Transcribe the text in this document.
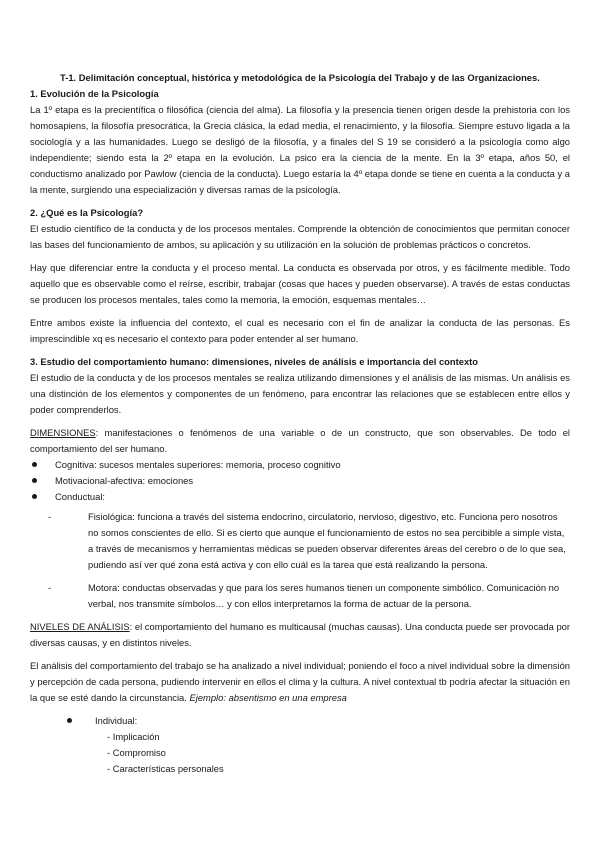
T-1. Delimitación conceptual, histórica y metodológica de la Psicología del Trabajo y de las Organizaciones.

1. Evolución de la Psicología

La 1º etapa es la precientífica o filosófica (ciencia del alma). La filosofía y la presencia tienen origen desde la prehistoria con los homosapiens, la filosofía presocrática, la Grecia clásica, la edad media, el renacimiento, y la filosofía. Siempre estuvo ligada a la sociología y a las humanidades. Luego se desligó de la filosofía, y a finales del S 19 se consideró a la psicología como algo independiente; siendo esta la 2º etapa en la evolución. La psico era la ciencia de la mente. En la 3º etapa, años 50, el conductismo analizado por Pawlow (ciencia de la conducta). Luego estaría la 4º etapa donde se tiene en cuenta a la conducta y a la mente, surgiendo una especialización y diversas ramas de la psicología.

2. ¿Qué es la Psicología?

El estudio científico de la conducta y de los procesos mentales. Comprende la obtención de conocimientos que permitan conocer las bases del funcionamiento de ambos, su aplicación y su utilización en la solución de problemas prácticos o concretos.

Hay que diferenciar entre la conducta y el proceso mental. La conducta es observada por otros, y es fácilmente medible. Todo aquello que es observable como el reírse, escribir, trabajar (cosas que haces y pueden observarse). A través de estas conductas se producen los procesos mentales, tales como la memoria, la emoción, esquemas mentales…

Entre ambos existe la influencia del contexto, el cual es necesario con el fin de analizar la conducta de las personas. Es imprescindible xq es necesario el contexto para poder entender al ser humano.

3. Estudio del comportamiento humano: dimensiones, niveles de análisis e importancia del contexto

El estudio de la conducta y de los procesos mentales se realiza utilizando dimensiones y el análisis de las mismas. Un análisis es una distinción de los elementos y componentes de un fenómeno, para encontrar las relaciones que se establecen entre ellos y poder comprenderlos.

DIMENSIONES: manifestaciones o fenómenos de una variable o de un constructo, que son observables. De todo el comportamiento del ser humano.

Cognitiva: sucesos mentales superiores: memoria, proceso cognitivo
Motivacional-afectiva: emociones
Conductual:
-	Fisiológica: funciona a través del sistema endocrino, circulatorio, nervioso, digestivo, etc. Funciona pero nosotros no somos conscientes de ello. Si es cierto que aunque el funcionamiento de estos no sea percibible a simple vista, a través de mecanismos y herramientas médicas se pueden observar diferentes áreas del cerebro o de lo que sea, pudiendo así ver qué zona está activa y con ello cuál es la tarea que está realizando la persona.
-	Motora: conductas observadas y que para los seres humanos tienen un componente simbólico. Comunicación no verbal, nos transmite símbolos… y con ellos interpretamos la forma de actuar de la persona.

NIVELES DE ANÁLISIS: el comportamiento del humano es multicausal (muchas causas). Una conducta puede ser provocada por diversas causas, y en distintos niveles.

El análisis del comportamiento del trabajo se ha analizado a nivel individual; poniendo el foco a nivel individual sobre la dimensión y percepción de cada persona, pudiendo intervenir en ellos el clima y la cultura. A nivel contextual tb podría afectar la situación en la que se esté dando la circunstancia. Ejemplo: absentismo en una empresa

Individual:

- Implicación

- Compromiso

- Características personales
